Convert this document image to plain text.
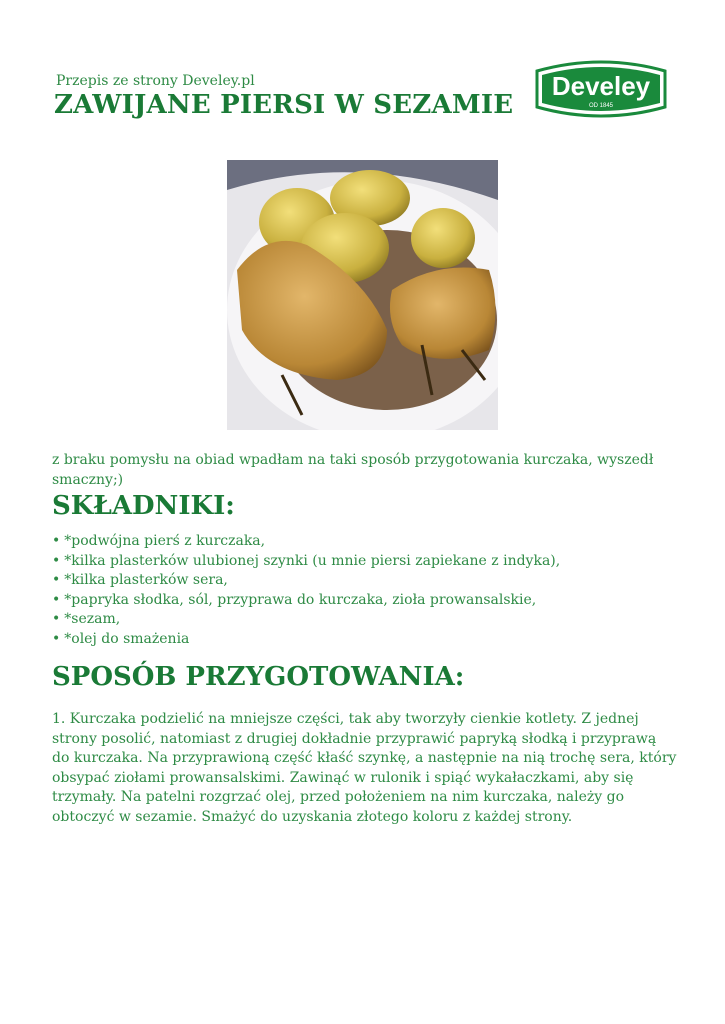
Przepis ze strony Develey.pl
ZAWIJANE PIERSI W SEZAMIE
Develey
OD 1845

z braku pomysłu na obiad wpadłam na taki sposób przygotowania kurczaka, wyszedł smaczny;)

SKŁADNIKI:
• *podwójna pierś z kurczaka,
• *kilka plasterków ulubionej szynki (u mnie piersi zapiekane z indyka),
• *kilka plasterków sera,
• *papryka słodka, sól, przyprawa do kurczaka, zioła prowansalskie,
• *sezam,
• *olej do smażenia
SPOSÓB PRZYGOTOWANIA:

1. Kurczaka podzielić na mniejsze części, tak aby tworzyły cienkie kotlety. Z jednej strony posolić, natomiast z drugiej dokładnie przyprawić papryką słodką i przyprawą do kurczaka. Na przyprawioną część kłaść szynkę, a następnie na nią trochę sera, który obsypać ziołami prowansalskimi. Zawinąć w rulonik i spiąć wykałaczkami, aby się trzymały. Na patelni rozgrzać olej, przed położeniem na nim kurczaka, należy go obtoczyć w sezamie. Smażyć do uzyskania złotego koloru z każdej strony.
